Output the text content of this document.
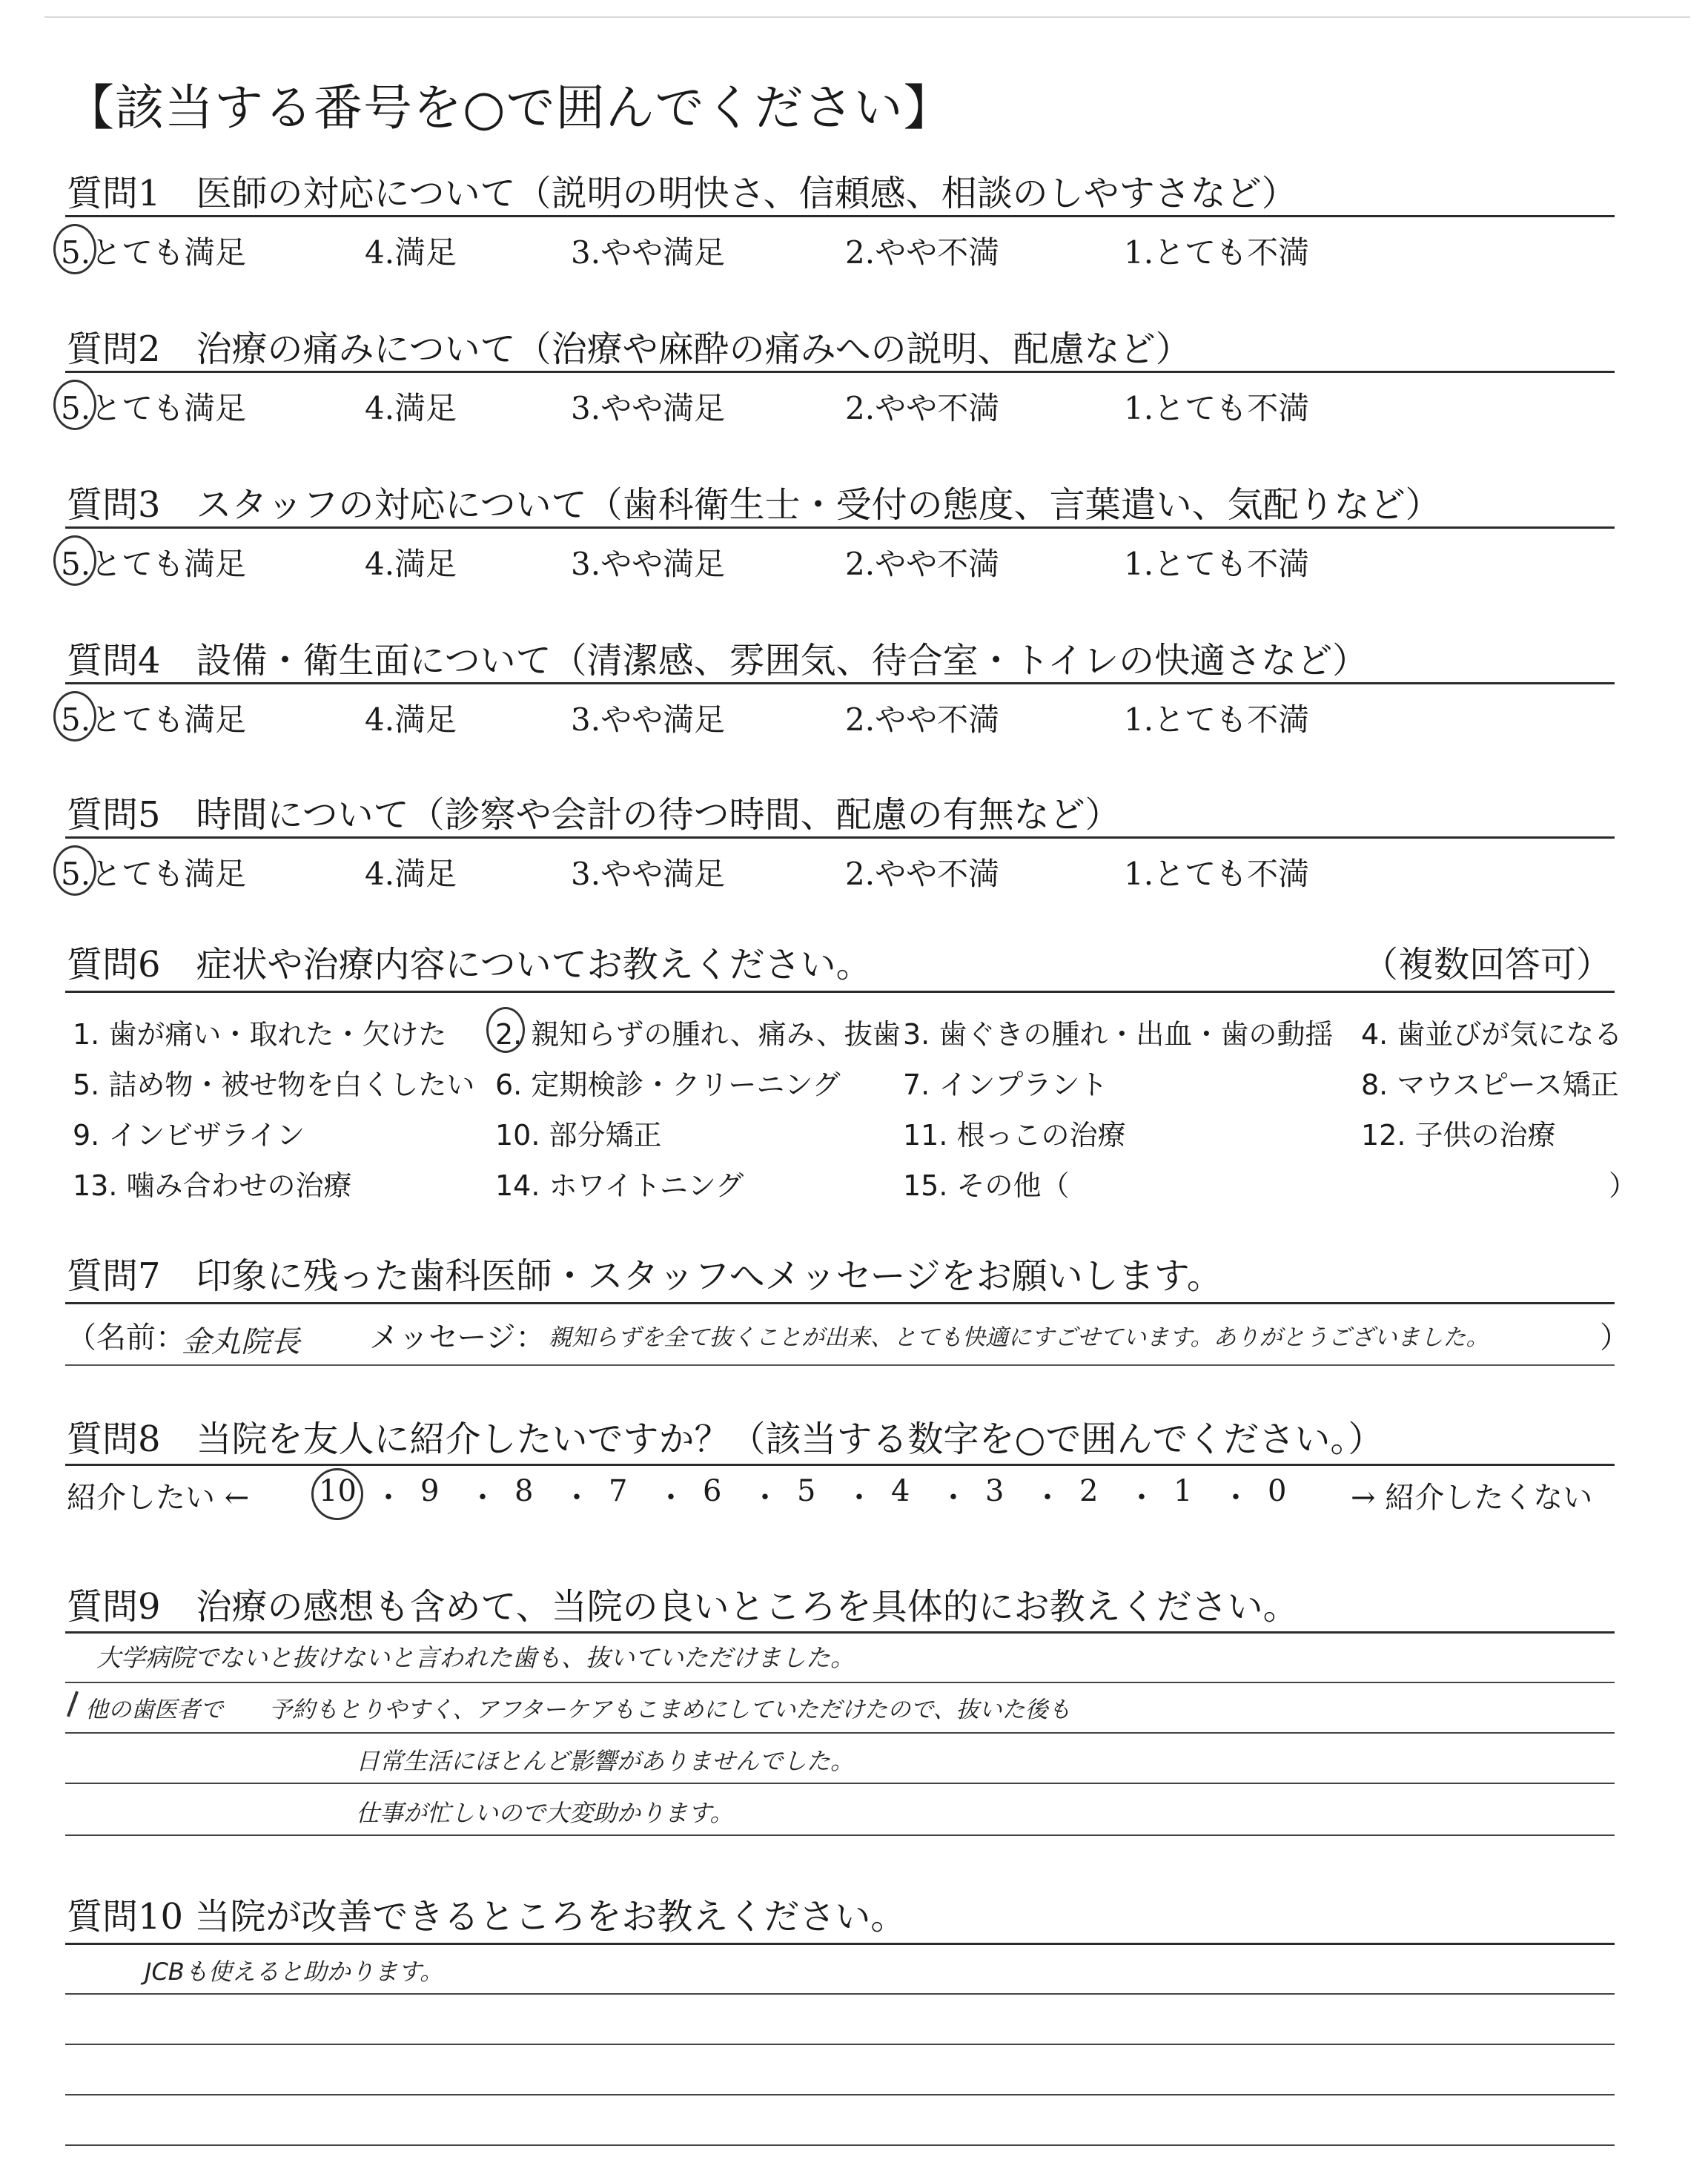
【該当する番号を○で囲んでください】
質問1　医師の対応について（説明の明快さ、信頼感、相談のしやすさなど）
5.とても満足	4.満足	3.やや満足	2.やや不満	1.とても不満
質問2　治療の痛みについて（治療や麻酔の痛みへの説明、配慮など）
5.とても満足	4.満足	3.やや満足	2.やや不満	1.とても不満
質問3　スタッフの対応について（歯科衛生士・受付の態度、言葉遣い、気配りなど）
5.とても満足	4.満足	3.やや満足	2.やや不満	1.とても不満
質問4　設備・衛生面について（清潔感、雰囲気、待合室・トイレの快適さなど）
5.とても満足	4.満足	3.やや満足	2.やや不満	1.とても不満
質問5　時間について（診察や会計の待つ時間、配慮の有無など）
5.とても満足	4.満足	3.やや満足	2.やや不満	1.とても不満
質問6　症状や治療内容についてお教えください。	（複数回答可）
1. 歯が痛い・取れた・欠けた 2. 親知らずの腫れ、痛み、抜歯 3. 歯ぐきの腫れ・出血・歯の動揺 4. 歯並びが気になる
5. 詰め物・被せ物を白くしたい 6. 定期検診・クリーニング 7. インプラント	8. マウスピース矯正
9. インビザライン	10. 部分矯正	11. 根っこの治療	12. 子供の治療
13. 噛み合わせの治療	14. ホワイトニング	15. その他（	）
質問7　印象に残った歯科医師・スタッフへメッセージをお願いします。
（名前：
金丸院長 メッセージ： 親知らずを全て抜くことが出来、とても快適にすごせています。ありがとうございました。	）
質問8　当院を友人に紹介したいですか？（該当する数字を○で囲んでください。）
紹介したい ← 10 ・ 9 ・ 8 ・ 7 ・ 6 ・ 5 ・ 4 ・ 3 ・ 2 ・ 1 ・ 0 → 紹介したくない
質問9　治療の感想も含めて、当院の良いところを具体的にお教えください。
大学病院でないと抜けないと言われた歯も、抜いていただけました。
他の歯医者で　　予約もとりやすく、アフターケアもこまめにしていただけたので、抜いた後も
日常生活にほとんど影響がありませんでした。
仕事が忙しいので大変助かります。
質問10 当院が改善できるところをお教えください。
JCBも使えると助かります。
